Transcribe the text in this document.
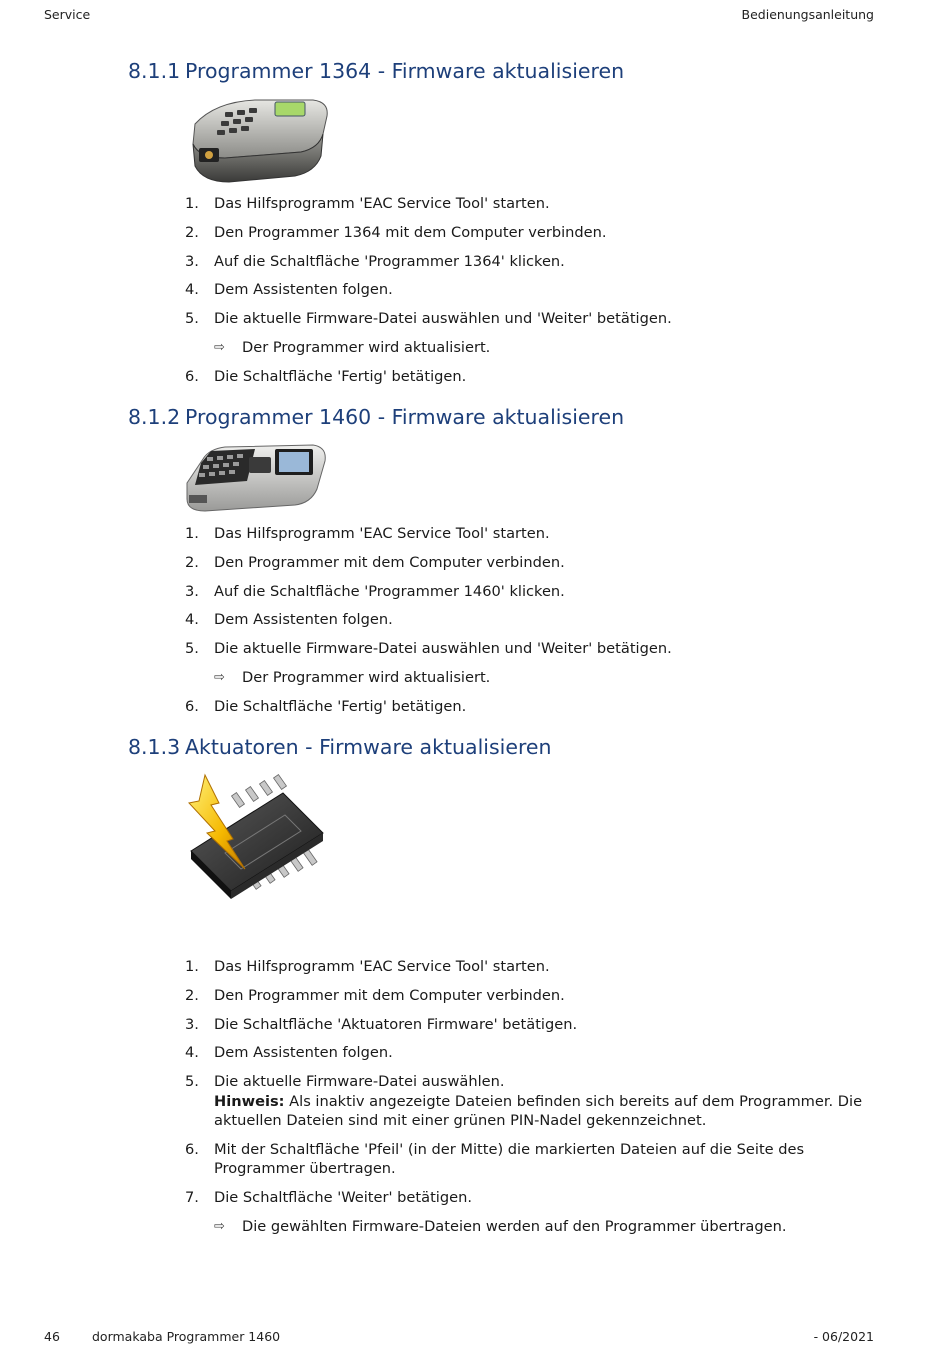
Service	Bedienungsanleitung
8.1.1 Programmer 1364 - Firmware aktualisieren
1. Das Hilfsprogramm 'EAC Service Tool' starten.
2. Den Programmer 1364 mit dem Computer verbinden.
3. Auf die Schaltfläche 'Programmer 1364' klicken.
4. Dem Assistenten folgen.
5. Die aktuelle Firmware-Datei auswählen und 'Weiter' betätigen.
⇨ Der Programmer wird aktualisiert.
6. Die Schaltfläche 'Fertig' betätigen.
8.1.2 Programmer 1460 - Firmware aktualisieren
1. Das Hilfsprogramm 'EAC Service Tool' starten.
2. Den Programmer mit dem Computer verbinden.
3. Auf die Schaltfläche 'Programmer 1460' klicken.
4. Dem Assistenten folgen.
5. Die aktuelle Firmware-Datei auswählen und 'Weiter' betätigen.
⇨ Der Programmer wird aktualisiert.
6. Die Schaltfläche 'Fertig' betätigen.
8.1.3 Aktuatoren - Firmware aktualisieren
1. Das Hilfsprogramm 'EAC Service Tool' starten.
2. Den Programmer mit dem Computer verbinden.
3. Die Schaltfläche 'Aktuatoren Firmware' betätigen.
4. Dem Assistenten folgen.
5. Die aktuelle Firmware-Datei auswählen.
Hinweis: Als inaktiv angezeigte Dateien befinden sich bereits auf dem Programmer. Die aktuellen Dateien sind mit einer grünen PIN-Nadel gekennzeichnet.
6. Mit der Schaltfläche 'Pfeil' (in der Mitte) die markierten Dateien auf die Seite des Programmer übertragen.
7. Die Schaltfläche 'Weiter' betätigen.
⇨ Die gewählten Firmware-Dateien werden auf den Programmer übertragen.
46	dormakaba Programmer 1460	- 06/2021
